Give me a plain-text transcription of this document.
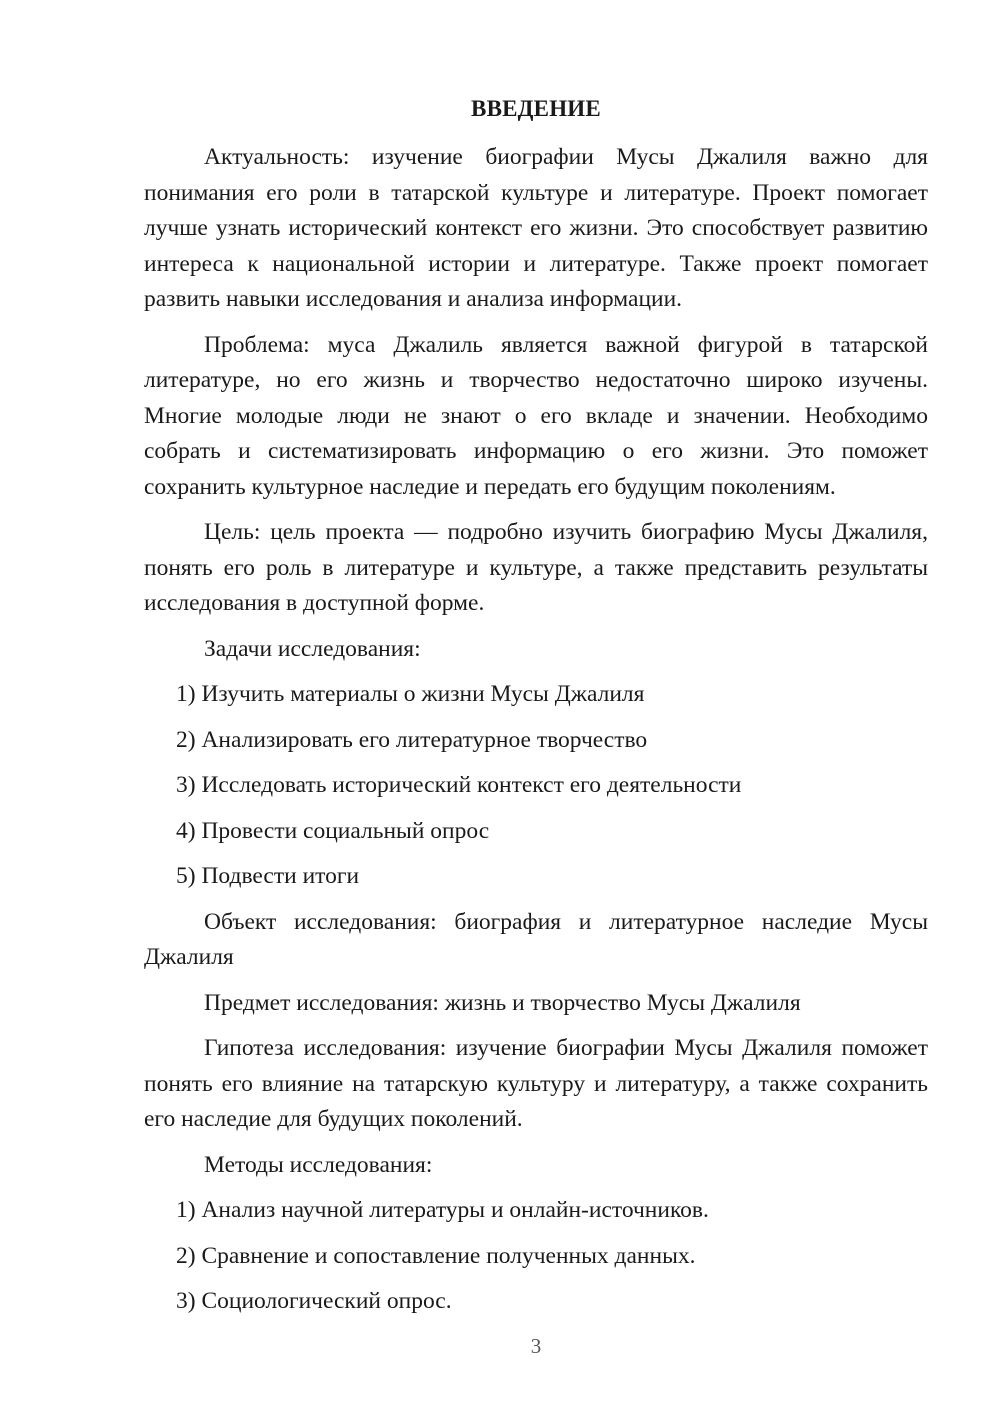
ВВЕДЕНИЕ

Актуальность: изучение биографии Мусы Джалиля важно для понимания его роли в татарской культуре и литературе. Проект помогает лучше узнать исторический контекст его жизни. Это способствует развитию интереса к национальной истории и литературе. Также проект помогает развить навыки исследования и анализа информации.

Проблема: муса Джалиль является важной фигурой в татарской литературе, но его жизнь и творчество недостаточно широко изучены. Многие молодые люди не знают о его вкладе и значении. Необходимо собрать и систематизировать информацию о его жизни. Это поможет сохранить культурное наследие и передать его будущим поколениям.

Цель: цель проекта — подробно изучить биографию Мусы Джалиля, понять его роль в литературе и культуре, а также представить результаты исследования в доступной форме.

Задачи исследования:

1) Изучить материалы о жизни Мусы Джалиля

2) Анализировать его литературное творчество

3) Исследовать исторический контекст его деятельности

4) Провести социальный опрос

5) Подвести итоги

Объект исследования: биография и литературное наследие Мусы Джалиля

Предмет исследования: жизнь и творчество Мусы Джалиля

Гипотеза исследования: изучение биографии Мусы Джалиля поможет понять его влияние на татарскую культуру и литературу, а также сохранить его наследие для будущих поколений.

Методы исследования:

1) Анализ научной литературы и онлайн-источников.

2) Сравнение и сопоставление полученных данных.

3) Социологический опрос.

3
